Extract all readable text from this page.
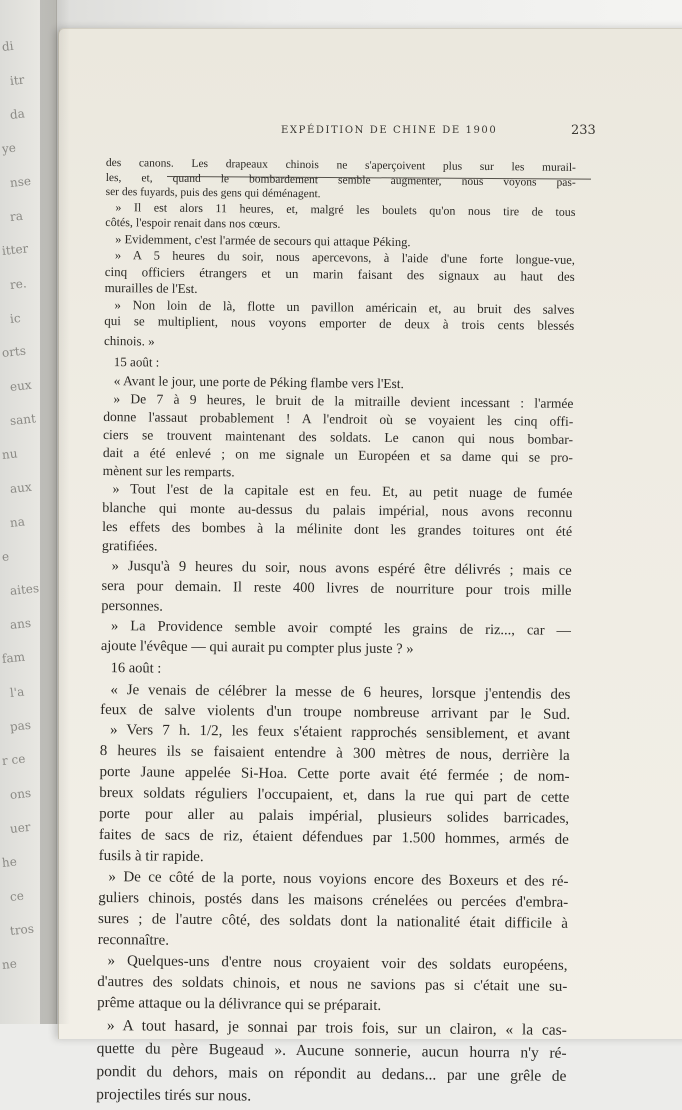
di
itr
da
ye
nse
ra
itter
re.
ic
orts
eux
sant
nu
aux
na
e
aites
ans
fam
l'a
pas
r ce
ons
uer
he
ce
tros
ne
EXPÉDITION DE CHINE DE 1900	233
des canons. Les drapeaux chinois ne s'aperçoivent plus sur les murail-
les, et, quand le bombardement semble augmenter, nous voyons pas-
ser des fuyards, puis des gens qui déménagent.
» Il est alors 11 heures, et, malgré les boulets qu'on nous tire de tous
côtés, l'espoir renait dans nos cœurs.
» Evidemment, c'est l'armée de secours qui attaque Péking.
» A 5 heures du soir, nous apercevons, à l'aide d'une forte longue-vue,
cinq officiers étrangers et un marin faisant des signaux au haut des
murailles de l'Est.
» Non loin de là, flotte un pavillon américain et, au bruit des salves
qui se multiplient, nous voyons emporter de deux à trois cents blessés
chinois. »
15 août :
« Avant le jour, une porte de Péking flambe vers l'Est.
» De 7 à 9 heures, le bruit de la mitraille devient incessant : l'armée
donne l'assaut probablement ! A l'endroit où se voyaient les cinq offi-
ciers se trouvent maintenant des soldats. Le canon qui nous bombar-
dait a été enlevé ; on me signale un Européen et sa dame qui se pro-
mènent sur les remparts.
» Tout l'est de la capitale est en feu. Et, au petit nuage de fumée
blanche qui monte au-dessus du palais impérial, nous avons reconnu
les effets des bombes à la mélinite dont les grandes toitures ont été
gratifiées.
» Jusqu'à 9 heures du soir, nous avons espéré être délivrés ; mais ce
sera pour demain. Il reste 400 livres de nourriture pour trois mille
personnes.
» La Providence semble avoir compté les grains de riz..., car —
ajoute l'évêque — qui aurait pu compter plus juste ? »
16 août :
« Je venais de célébrer la messe de 6 heures, lorsque j'entendis des
feux de salve violents d'un troupe nombreuse arrivant par le Sud.
» Vers 7 h. 1/2, les feux s'étaient rapprochés sensiblement, et avant
8 heures ils se faisaient entendre à 300 mètres de nous, derrière la
porte Jaune appelée Si-Hoa. Cette porte avait été fermée ; de nom-
breux soldats réguliers l'occupaient, et, dans la rue qui part de cette
porte pour aller au palais impérial, plusieurs solides barricades,
faites de sacs de riz, étaient défendues par 1.500 hommes, armés de
fusils à tir rapide.
» De ce côté de la porte, nous voyions encore des Boxeurs et des ré-
guliers chinois, postés dans les maisons crénelées ou percées d'embra-
sures ; de l'autre côté, des soldats dont la nationalité était difficile à
reconnaître.
» Quelques-uns d'entre nous croyaient voir des soldats européens,
d'autres des soldats chinois, et nous ne savions pas si c'était une su-
prême attaque ou la délivrance qui se préparait.
» A tout hasard, je sonnai par trois fois, sur un clairon, « la cas-
quette du père Bugeaud ». Aucune sonnerie, aucun hourra n'y ré-
pondit du dehors, mais on répondit au dedans... par une grêle de
projectiles tirés sur nous.
